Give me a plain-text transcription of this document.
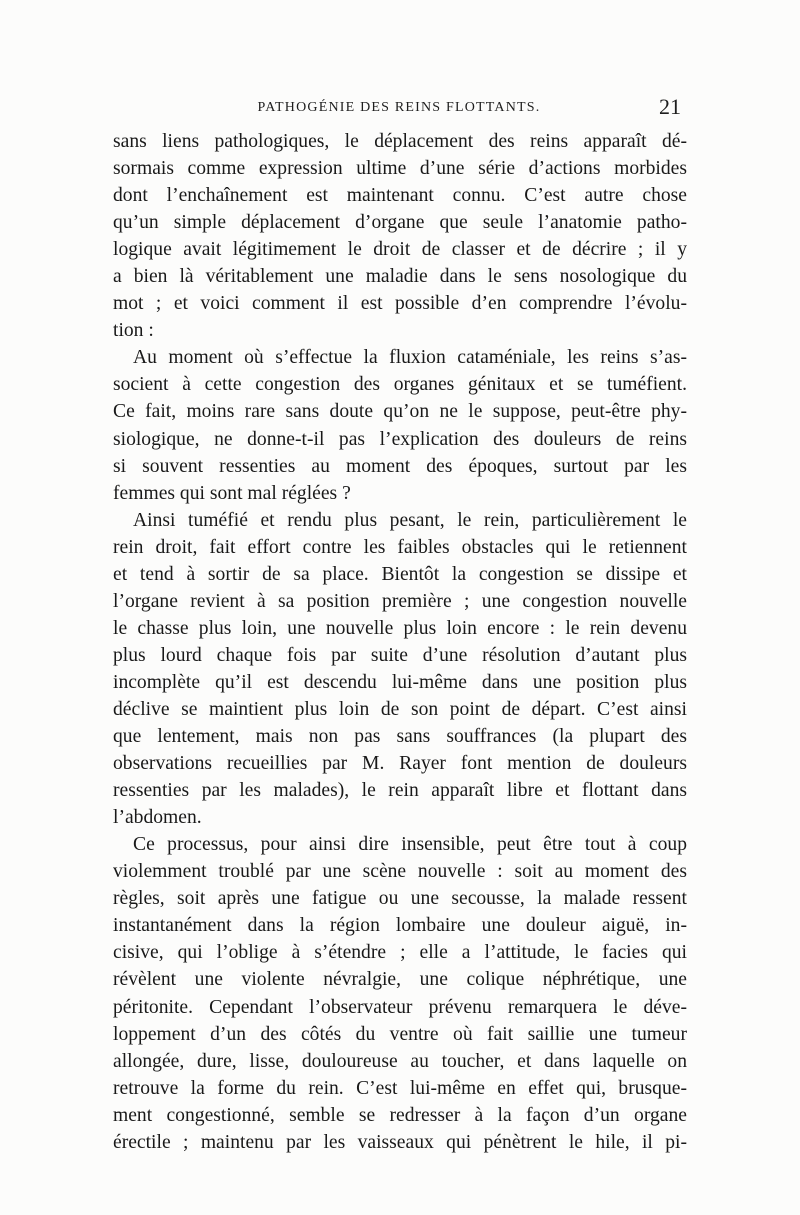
PATHOGÉNIE DES REINS FLOTTANTS.	21
sans liens pathologiques, le déplacement des reins apparaît dé-
sormais comme expression ultime d’une série d’actions morbides
dont l’enchaînement est maintenant connu. C’est autre chose
qu’un simple déplacement d’organe que seule l’anatomie patho-
logique avait légitimement le droit de classer et de décrire ; il y
a bien là véritablement une maladie dans le sens nosologique du
mot ; et voici comment il est possible d’en comprendre l’évolu-
tion :
Au moment où s’effectue la fluxion cataméniale, les reins s’as-
socient à cette congestion des organes génitaux et se tuméfient.
Ce fait, moins rare sans doute qu’on ne le suppose, peut-être phy-
siologique, ne donne-t-il pas l’explication des douleurs de reins
si souvent ressenties au moment des époques, surtout par les
femmes qui sont mal réglées ?
Ainsi tuméfié et rendu plus pesant, le rein, particulièrement le
rein droit, fait effort contre les faibles obstacles qui le retiennent
et tend à sortir de sa place. Bientôt la congestion se dissipe et
l’organe revient à sa position première ; une congestion nouvelle
le chasse plus loin, une nouvelle plus loin encore : le rein devenu
plus lourd chaque fois par suite d’une résolution d’autant plus
incomplète qu’il est descendu lui-même dans une position plus
déclive se maintient plus loin de son point de départ. C’est ainsi
que lentement, mais non pas sans souffrances (la plupart des
observations recueillies par M. Rayer font mention de douleurs
ressenties par les malades), le rein apparaît libre et flottant dans
l’abdomen.
Ce processus, pour ainsi dire insensible, peut être tout à coup
violemment troublé par une scène nouvelle : soit au moment des
règles, soit après une fatigue ou une secousse, la malade ressent
instantanément dans la région lombaire une douleur aiguë, in-
cisive, qui l’oblige à s’étendre ; elle a l’attitude, le facies qui
révèlent une violente névralgie, une colique néphrétique, une
péritonite. Cependant l’observateur prévenu remarquera le déve-
loppement d’un des côtés du ventre où fait saillie une tumeur
allongée, dure, lisse, douloureuse au toucher, et dans laquelle on
retrouve la forme du rein. C’est lui-même en effet qui, brusque-
ment congestionné, semble se redresser à la façon d’un organe
érectile ; maintenu par les vaisseaux qui pénètrent le hile, il pi-
